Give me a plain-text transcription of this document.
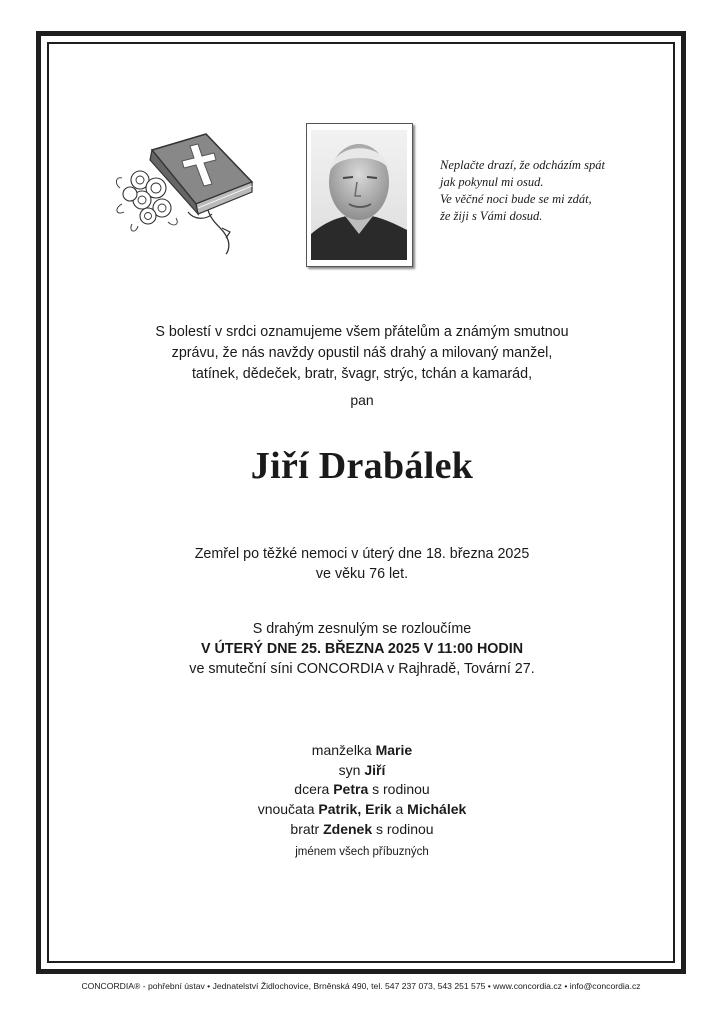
Neplačte drazí, že odcházím spát
jak pokynul mi osud.
Ve věčné noci bude se mi zdát,
že žiji s Vámi dosud.
S bolestí v srdci oznamujeme všem přátelům a známým smutnou
zprávu, že nás navždy opustil náš drahý a milovaný manžel,
tatínek, dědeček, bratr, švagr, strýc, tchán a kamarád,
pan
Jiří Drabálek
Zemřel po těžké nemoci v úterý dne 18. března 2025
ve věku 76 let.
S drahým zesnulým se rozloučíme
V ÚTERÝ DNE 25. BŘEZNA 2025 V 11:00 HODIN
ve smuteční síni CONCORDIA v Rajhradě, Tovární 27.
manželka Marie
syn Jiří
dcera Petra s rodinou
vnoučata Patrik, Erik a Michálek
bratr Zdenek s rodinou
jménem všech příbuzných
CONCORDIA® - pohřební ústav • Jednatelství Židlochovice, Brněnská 490, tel. 547 237 073, 543 251 575 • www.concordia.cz • info@concordia.cz
